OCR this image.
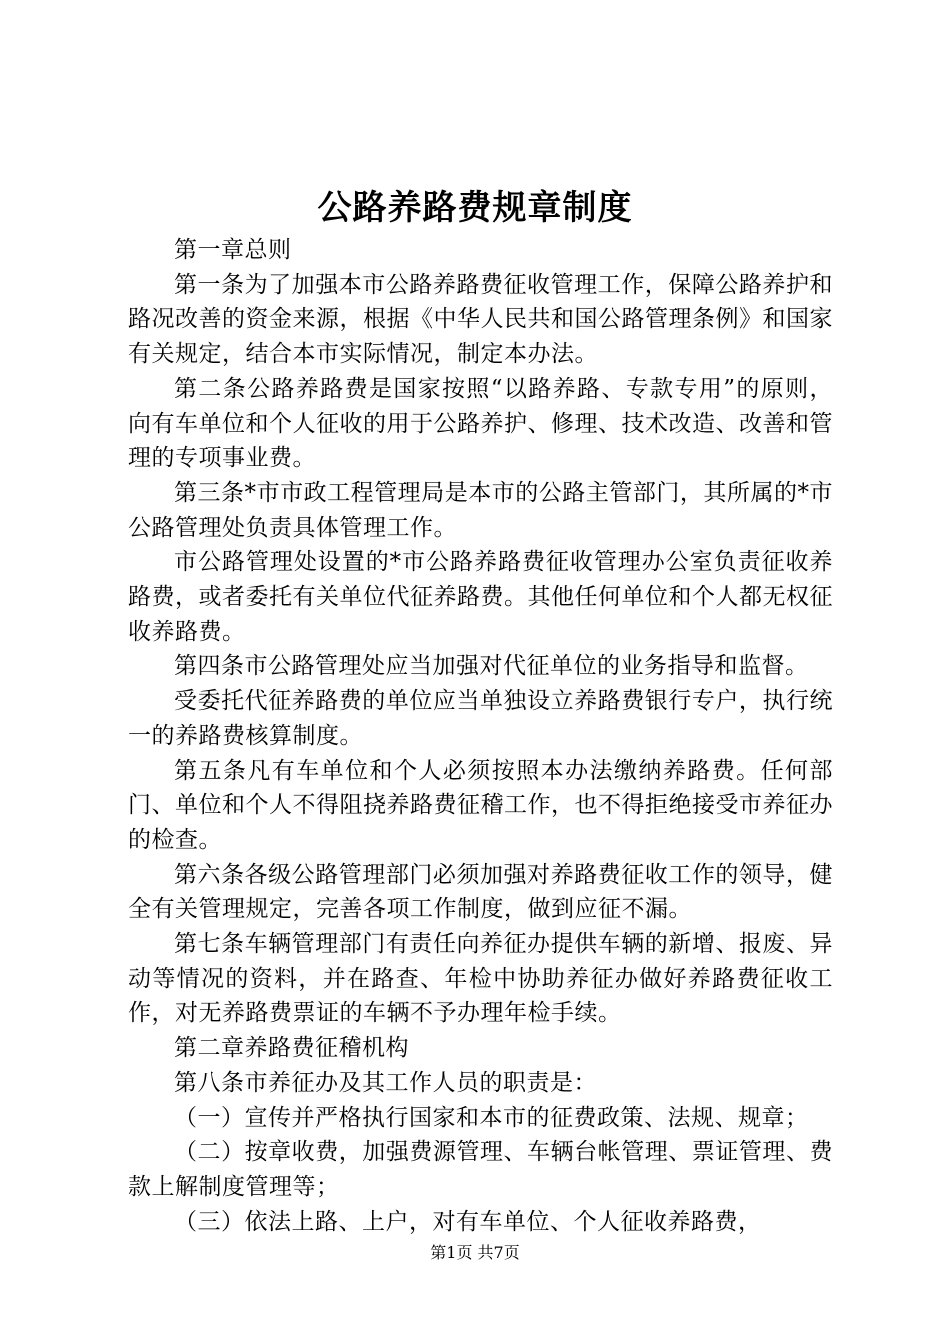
公路养路费规章制度

第一章总则

第一条为了加强本市公路养路费征收管理工作，保障公路养护和路况改善的资金来源，根据《中华人民共和国公路管理条例》和国家有关规定，结合本市实际情况，制定本办法。

第二条公路养路费是国家按照“以路养路、专款专用”的原则，向有车单位和个人征收的用于公路养护、修理、技术改造、改善和管理的专项事业费。

第三条*市市政工程管理局是本市的公路主管部门，其所属的*市公路管理处负责具体管理工作。

市公路管理处设置的*市公路养路费征收管理办公室负责征收养路费，或者委托有关单位代征养路费。其他任何单位和个人都无权征收养路费。

第四条市公路管理处应当加强对代征单位的业务指导和监督。

受委托代征养路费的单位应当单独设立养路费银行专户，执行统一的养路费核算制度。

第五条凡有车单位和个人必须按照本办法缴纳养路费。任何部门、单位和个人不得阻挠养路费征稽工作，也不得拒绝接受市养征办的检查。

第六条各级公路管理部门必须加强对养路费征收工作的领导，健全有关管理规定，完善各项工作制度，做到应征不漏。

第七条车辆管理部门有责任向养征办提供车辆的新增、报废、异动等情况的资料，并在路查、年检中协助养征办做好养路费征收工作，对无养路费票证的车辆不予办理年检手续。

第二章养路费征稽机构

第八条市养征办及其工作人员的职责是：

（一）宣传并严格执行国家和本市的征费政策、法规、规章；

（二）按章收费，加强费源管理、车辆台帐管理、票证管理、费款上解制度管理等；

（三）依法上路、上户，对有车单位、个人征收养路费，

第1页 共7页
